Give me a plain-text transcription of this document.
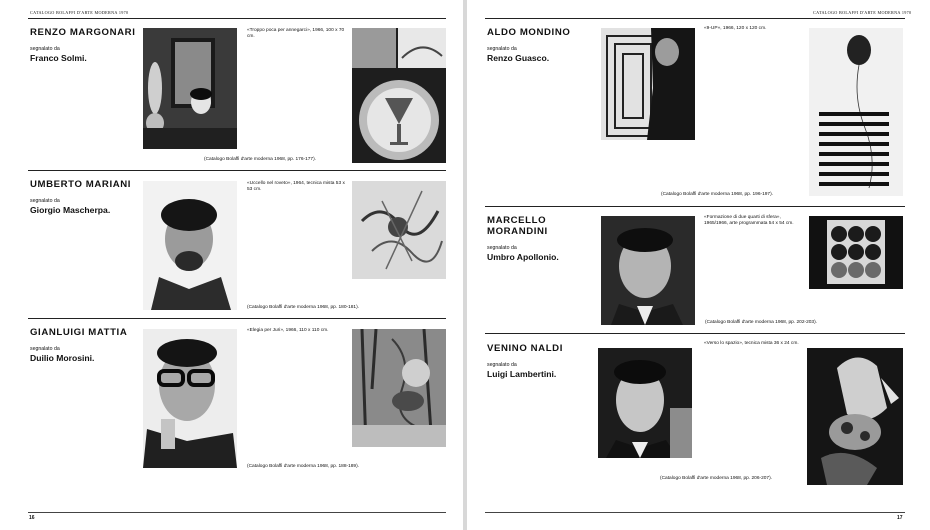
CATALOGO BOLAFFI D'ARTE MODERNA 1970
RENZO MARGONARI
segnalato da
Franco Solmi.
«Troppo poca per annegarci», 1966, 100 x 70 cm.
(Catalogo Bolaffi d'arte moderna 1968, pp. 176-177).
UMBERTO MARIANI
segnalato da
Giorgio Mascherpa.
«Uccello nel roveto», 1964, tecnica mista 53 x 53 cm.
(Catalogo Bolaffi d'arte moderna 1968, pp. 180-181).
GIANLUIGI MATTIA
segnalato da
Duilio Morosini.
«Elegia per Juri», 1966, 110 x 110 cm.
(Catalogo Bolaffi d'arte moderna 1968, pp. 188-189).
16
CATALOGO BOLAFFI D'ARTE MODERNA 1970
ALDO MONDINO
segnalato da
Renzo Guasco.
«9-UP», 1966, 120 x 120 cm.
(Catalogo Bolaffi d'arte moderna 1968, pp. 196-197).
MARCELLO
MORANDINI
segnalato da
Umbro Apollonio.
«Formazione di due quarti di sfera», 1965/1966, arte programmata 54 x 54 cm.
(Catalogo Bolaffi d'arte moderna 1968, pp. 202-203).
VENINO NALDI
segnalato da
Luigi Lambertini.
«Verso lo spazio», tecnica mista 36 x 24 cm.
(Catalogo Bolaffi d'arte moderna 1968, pp. 206-207).
17
